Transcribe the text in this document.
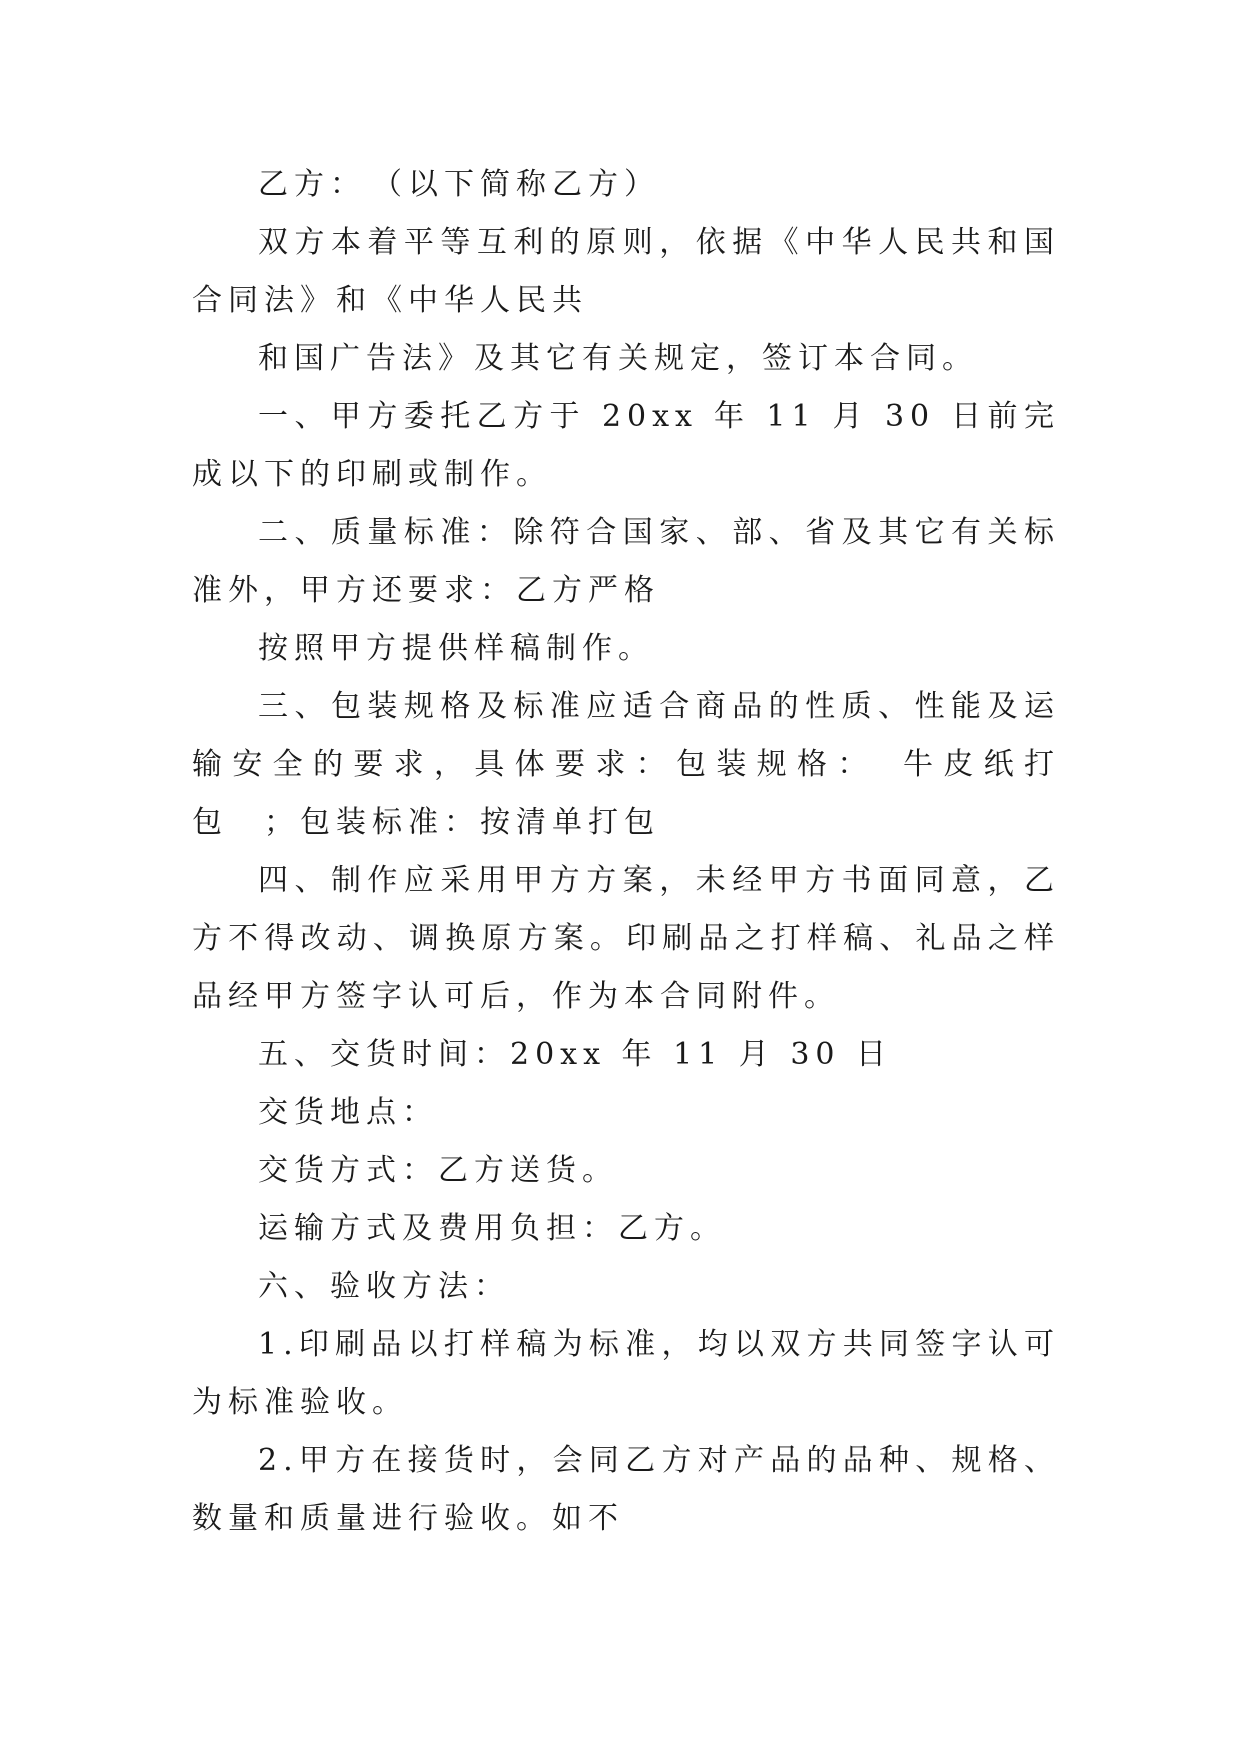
乙方：　（以下简称乙方）

双方本着平等互利的原则，依据《中华人民共和国合同法》和《中华人民共

和国广告法》及其它有关规定，签订本合同。

一、甲方委托乙方于 20xx 年 11 月 30 日前完成以下的印刷或制作。

二、质量标准：除符合国家、部、省及其它有关标准外，甲方还要求：乙方严格

按照甲方提供样稿制作。

三、包装规格及标准应适合商品的性质、性能及运输安全的要求，具体要求：包装规格：　牛皮纸打包　；包装标准：按清单打包

四、制作应采用甲方方案，未经甲方书面同意，乙方不得改动、调换原方案。印刷品之打样稿、礼品之样品经甲方签字认可后，作为本合同附件。

五、交货时间：20xx 年 11 月 30 日

交货地点：

交货方式：乙方送货。

运输方式及费用负担：乙方。

六、验收方法：

1.印刷品以打样稿为标准，均以双方共同签字认可为标准验收。

2.甲方在接货时，会同乙方对产品的品种、规格、数量和质量进行验收。如不
